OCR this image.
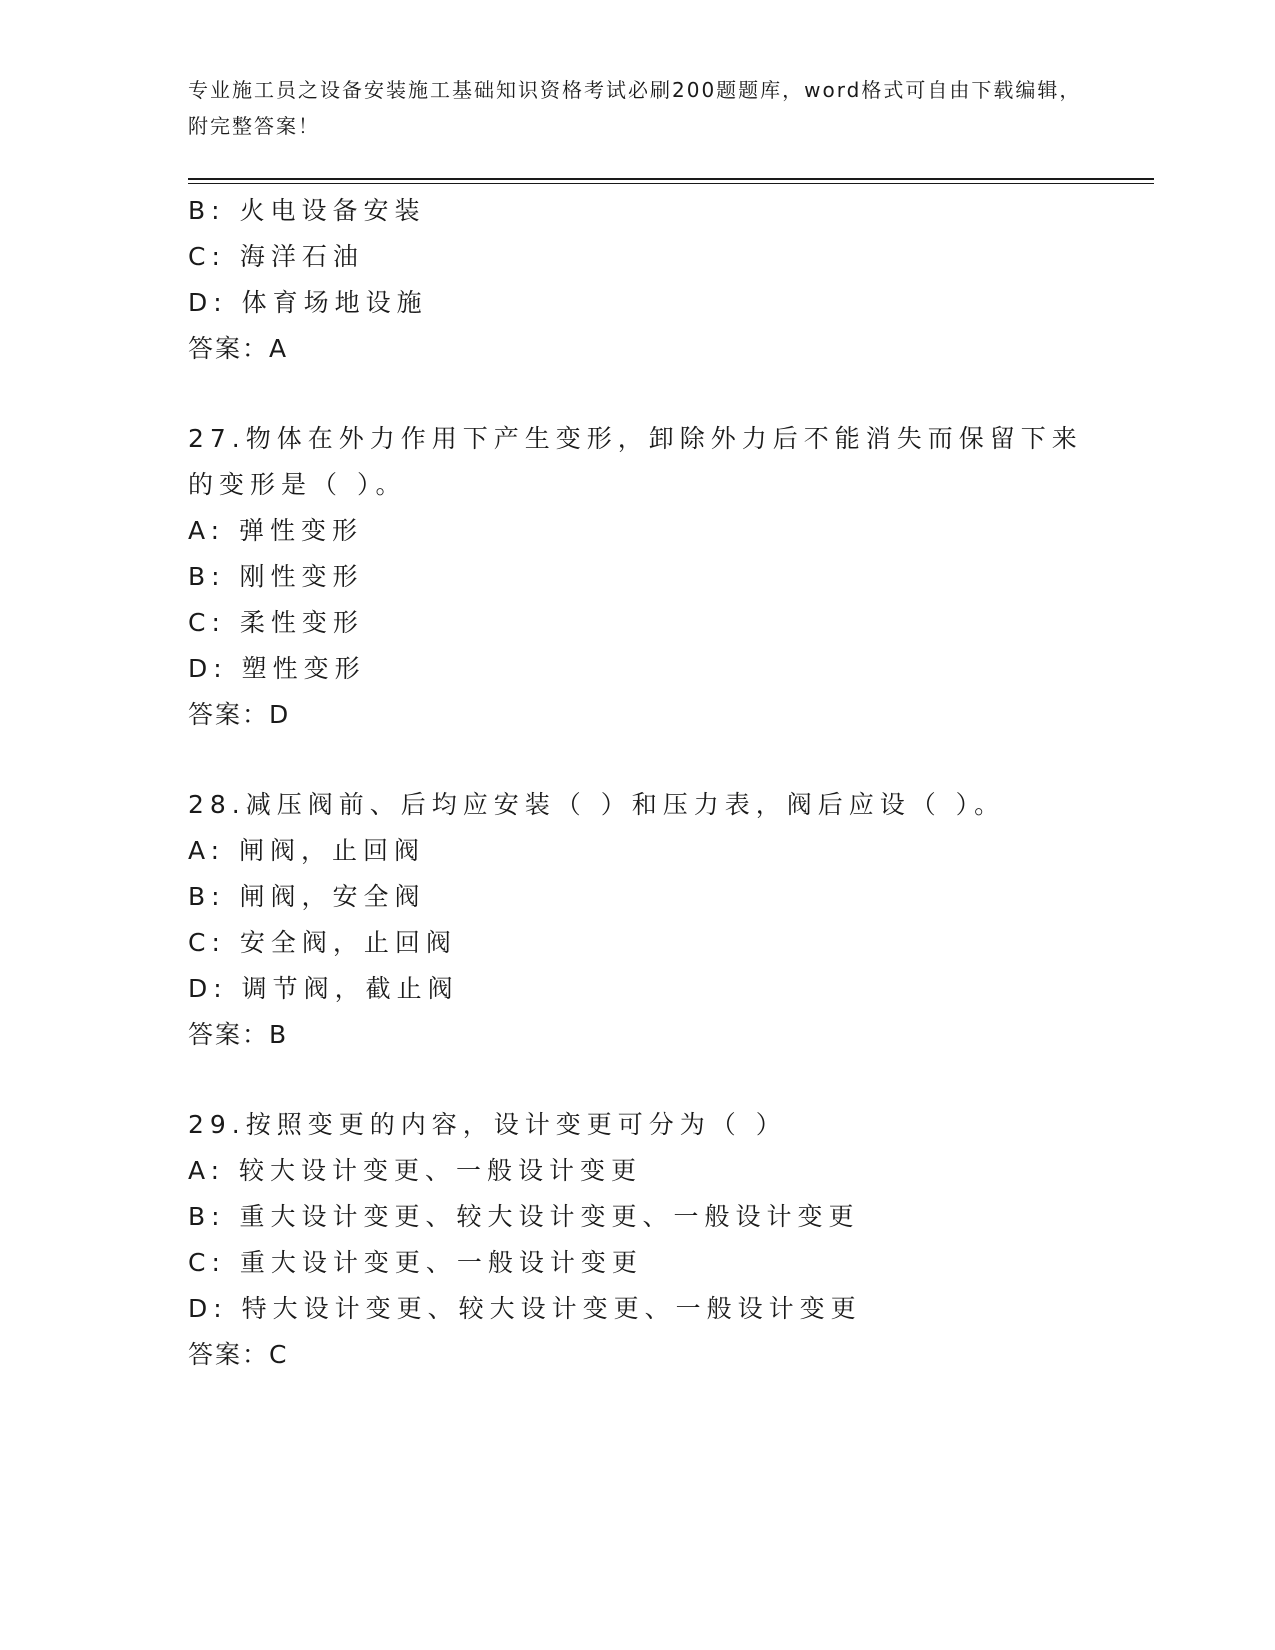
专业施工员之设备安装施工基础知识资格考试必刷200题题库，word格式可自由下载编辑，附完整答案！
B: 火电设备安装
C: 海洋石油
D: 体育场地设施
答案：A
27.物体在外力作用下产生变形，卸除外力后不能消失而保留下来的变形是（ ）。
A: 弹性变形
B: 刚性变形
C: 柔性变形
D: 塑性变形
答案：D
28.减压阀前、后均应安装（ ）和压力表，阀后应设（ ）。
A: 闸阀，止回阀
B: 闸阀，安全阀
C: 安全阀，止回阀
D: 调节阀，截止阀
答案：B
29.按照变更的内容，设计变更可分为（ ）
A: 较大设计变更、一般设计变更
B: 重大设计变更、较大设计变更、一般设计变更
C: 重大设计变更、一般设计变更
D: 特大设计变更、较大设计变更、一般设计变更
答案：C
